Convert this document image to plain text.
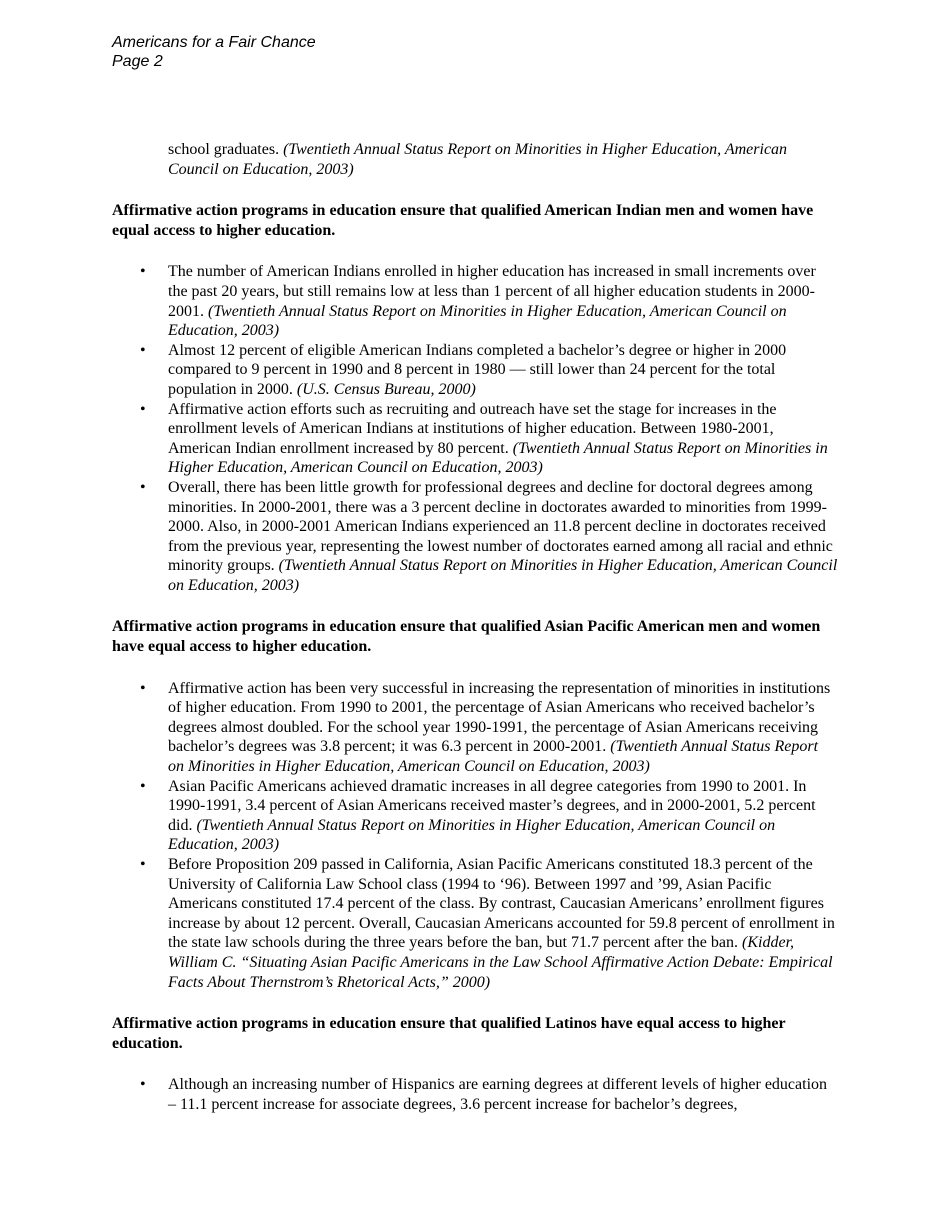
Americans for a Fair Chance
Page 2

school graduates. (Twentieth Annual Status Report on Minorities in Higher Education, American Council on Education, 2003)

Affirmative action programs in education ensure that qualified American Indian men and women have equal access to higher education.

• The number of American Indians enrolled in higher education has increased in small increments over the past 20 years, but still remains low at less than 1 percent of all higher education students in 2000-2001. (Twentieth Annual Status Report on Minorities in Higher Education, American Council on Education, 2003)
• Almost 12 percent of eligible American Indians completed a bachelor’s degree or higher in 2000 compared to 9 percent in 1990 and 8 percent in 1980 — still lower than 24 percent for the total population in 2000. (U.S. Census Bureau, 2000)
• Affirmative action efforts such as recruiting and outreach have set the stage for increases in the enrollment levels of American Indians at institutions of higher education. Between 1980-2001, American Indian enrollment increased by 80 percent. (Twentieth Annual Status Report on Minorities in Higher Education, American Council on Education, 2003)
• Overall, there has been little growth for professional degrees and decline for doctoral degrees among minorities. In 2000-2001, there was a 3 percent decline in doctorates awarded to minorities from 1999-2000. Also, in 2000-2001 American Indians experienced an 11.8 percent decline in doctorates received from the previous year, representing the lowest number of doctorates earned among all racial and ethnic minority groups. (Twentieth Annual Status Report on Minorities in Higher Education, American Council on Education, 2003)

Affirmative action programs in education ensure that qualified Asian Pacific American men and women have equal access to higher education.

• Affirmative action has been very successful in increasing the representation of minorities in institutions of higher education. From 1990 to 2001, the percentage of Asian Americans who received bachelor’s degrees almost doubled. For the school year 1990-1991, the percentage of Asian Americans receiving bachelor’s degrees was 3.8 percent; it was 6.3 percent in 2000-2001. (Twentieth Annual Status Report on Minorities in Higher Education, American Council on Education, 2003)
• Asian Pacific Americans achieved dramatic increases in all degree categories from 1990 to 2001. In 1990-1991, 3.4 percent of Asian Americans received master’s degrees, and in 2000-2001, 5.2 percent did. (Twentieth Annual Status Report on Minorities in Higher Education, American Council on Education, 2003)
• Before Proposition 209 passed in California, Asian Pacific Americans constituted 18.3 percent of the University of California Law School class (1994 to ‘96). Between 1997 and ’99, Asian Pacific Americans constituted 17.4 percent of the class. By contrast, Caucasian Americans’ enrollment figures increase by about 12 percent. Overall, Caucasian Americans accounted for 59.8 percent of enrollment in the state law schools during the three years before the ban, but 71.7 percent after the ban. (Kidder, William C. “Situating Asian Pacific Americans in the Law School Affirmative Action Debate: Empirical Facts About Thernstrom’s Rhetorical Acts,” 2000)

Affirmative action programs in education ensure that qualified Latinos have equal access to higher education.

• Although an increasing number of Hispanics are earning degrees at different levels of higher education – 11.1 percent increase for associate degrees, 3.6 percent increase for bachelor’s degrees,
